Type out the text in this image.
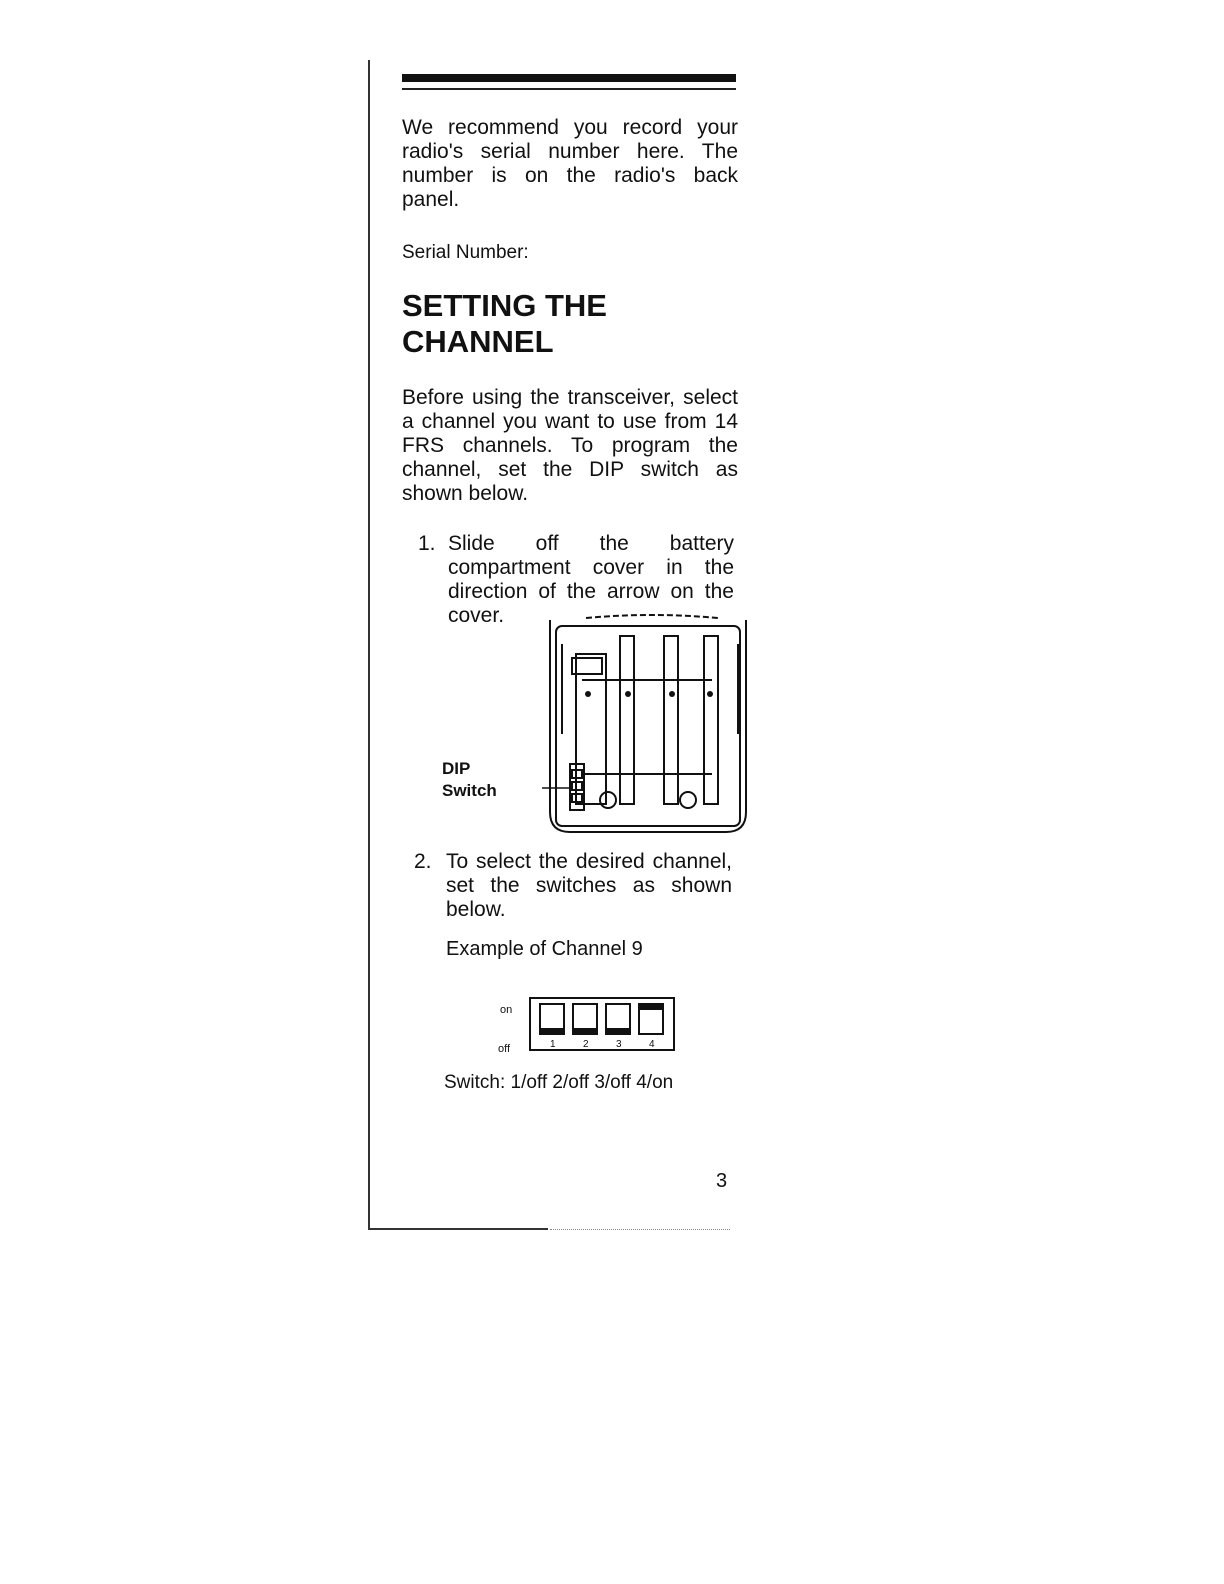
We recommend you record your radio's serial number here. The number is on the radio's back panel.
Serial Number:
SETTING THE
CHANNEL
Before using the transceiver, select a channel you want to use from 14 FRS channels. To program the channel, set the DIP switch as shown below.
1. Slide off the battery compartment cover in the direction of the arrow on the cover.
DIP
Switch
2. To select the desired channel, set the switches as shown below.
Example of Channel 9
on
off	1	2	3	4
Switch: 1/off 2/off 3/off 4/on
3
